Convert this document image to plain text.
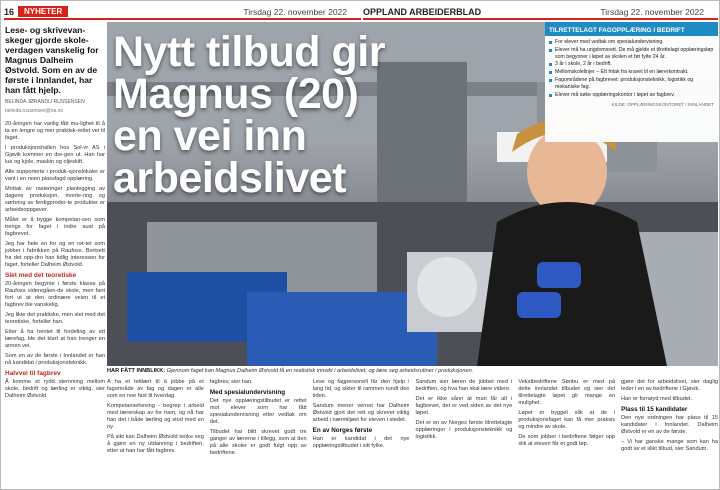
16	NYHETER	Tirsdag 22. november 2022 OPPLAND ARBEIDERBLAD	Tirsdag 22. november 2022
Nytt tilbud gir
Magnus (20)
en vei inn
arbeidslivet
TILRETTELAGT FAGOPPLÆRING I BEDRIFT
For elever med vedtak om spesialundervisning.
Elever må ha ungdomsrett. De må gjelde et tilrettelagt opplæringsløp som begynner i løpet av skolen et før fylte 24 år.
3 år i skole, 2 år i bedrift.
Mellomskolelinjer – Ett fritak fra kravet til en lærerkontrakt.
Fagområdene på fagbrevet: produksjonsteknikk, logistikk og mekaniske fag.
Elever må søke opplæringskontor i løpet av fagbrev.
KILDE: OPPLÆRINGSKONTORET I INNLANDET
Lese- og skrivevan-skeger gjorde skole-verdagen vanskelig for Magnus Dalheim Østvold. Som en av de første i Innlandet, har han fått hjelp.
BELINDA JØRANDLI RUSSENSEN
belinda.russensen@oa.no

20-åringen har vanlig fått mu-lighet til å ta en lengre og mer praktisk-rettet vei til faget.

I produksjonshallen hos Sol-vr AS i Gjøvik kommer en dre-gen ut. Han har lue og kjole, maskin og oljeskift.

Alle supporterte i produk-sjonslokaler er vant i en noen plassfagd opplæring.

Mottak av rasteringer planlegging av dagens produksjon, monte-ring og sørbring av ferdigproder-te produkter er arbeidsoppgaver.

Målet er å bygge kompetan-sen som trengs for faget i indre aust på fagbrevet.

Jeg har hele en for og en ret-tet som jobber i fabrikken på Raufoss. Bortsett fra det opp-dro han tidlig interessen for faget, forteller Dalheim Østvold.

Slet med det teoretiske

20-åringen begynte i første klasse på Raufoss videregåen-de skole, men fant fort ut at den ordinære veien til et fagbrev ble vanskelig.

Jeg likte det praktiske, men slet med det teoretiske, forteller han.

Etter å ha hentet til fordeling av ett lærefag, ble det klart at han trenger en annen vei.

Som en av de første i Innlandet er han nå kandidat i produksjonsteknikk.

Halvvei til fagbrev

Å komme et rydd stemming mellom skole, bedrift og lærling er viktig, sier Dalheim Østvold.

HAR FÅTT INNBLIKK: Gjennom faget kan Magnus Dalheim Østvold få en realistisk innsikt i arbeidslivet, og lære seg arbeidsrutiner i produksjonen.

Å ha et tettlært til å jobbe på et fagområde av fag og dagen er alle som en noe fast til hverdag.

Kompetanseheving - begrep i arbeid med lærerskap av for ham, og nå har han det i både lærling og stod med en ny.

På sikt kan Dalheim Østvold tenke seg å gjøre en ny utdanning i bedriften, etter at han har fått fagbrev.

fagbrev, sier han.

Med spesialundervisning

Det nye opplæringstilbudet er rettet mot elever som har fått spesialundervisning etter vedtak om det.

Tilbudet har blitt skrevet godt tre ganger av lærerne i tillegg, som at den på alle skoler er godt fulgt opp av bedriftene.

Lese og fagpersonell får den hjelp i lang tid, og sikter til rammen rundt den tiden.

Sandum mener vernet har Dalheim Østvold gjort det rett og skrevet viktig arbeid i nærmiljøet for eleven i stedet.

En av Norges første

Han er kandidat i det nye opplæringstilbudet i sitt fylke.

Sandum sier læren de jobbet med i bedriften, og hva han skal lære videre.

Det er ikke sånn at man får alt i fagbrevet, det er ved siden av det nye løpet.

Det er en av Norges første tilrettelagte opplæringer i produksjonsteknikk og logistikk.

Vekstbedriftene Sønbu er med på dette innlandet tilbudet og sier det tilrettelagte løpet gir mange en mulighet.

Løpet er bygget slik at de i produksjonsfaget kan få mer praksis og mindre av skole.

De som jobber i bedriftene følger opp slik at eleven får et godt løp.

gjøre det for arbeidslivet, sier daglig leder i en av bedriftene i Gjøvik.

Han er fornøyd med tilbudet.

Plass til 15 kandidater

Den nye ordningen har plass til 15 kandidater i Innlandet. Dalheim Østvold er en av de første.

– Vi har ganske mange som kan ha godt av et slikt tilbud, sier Sandum.
